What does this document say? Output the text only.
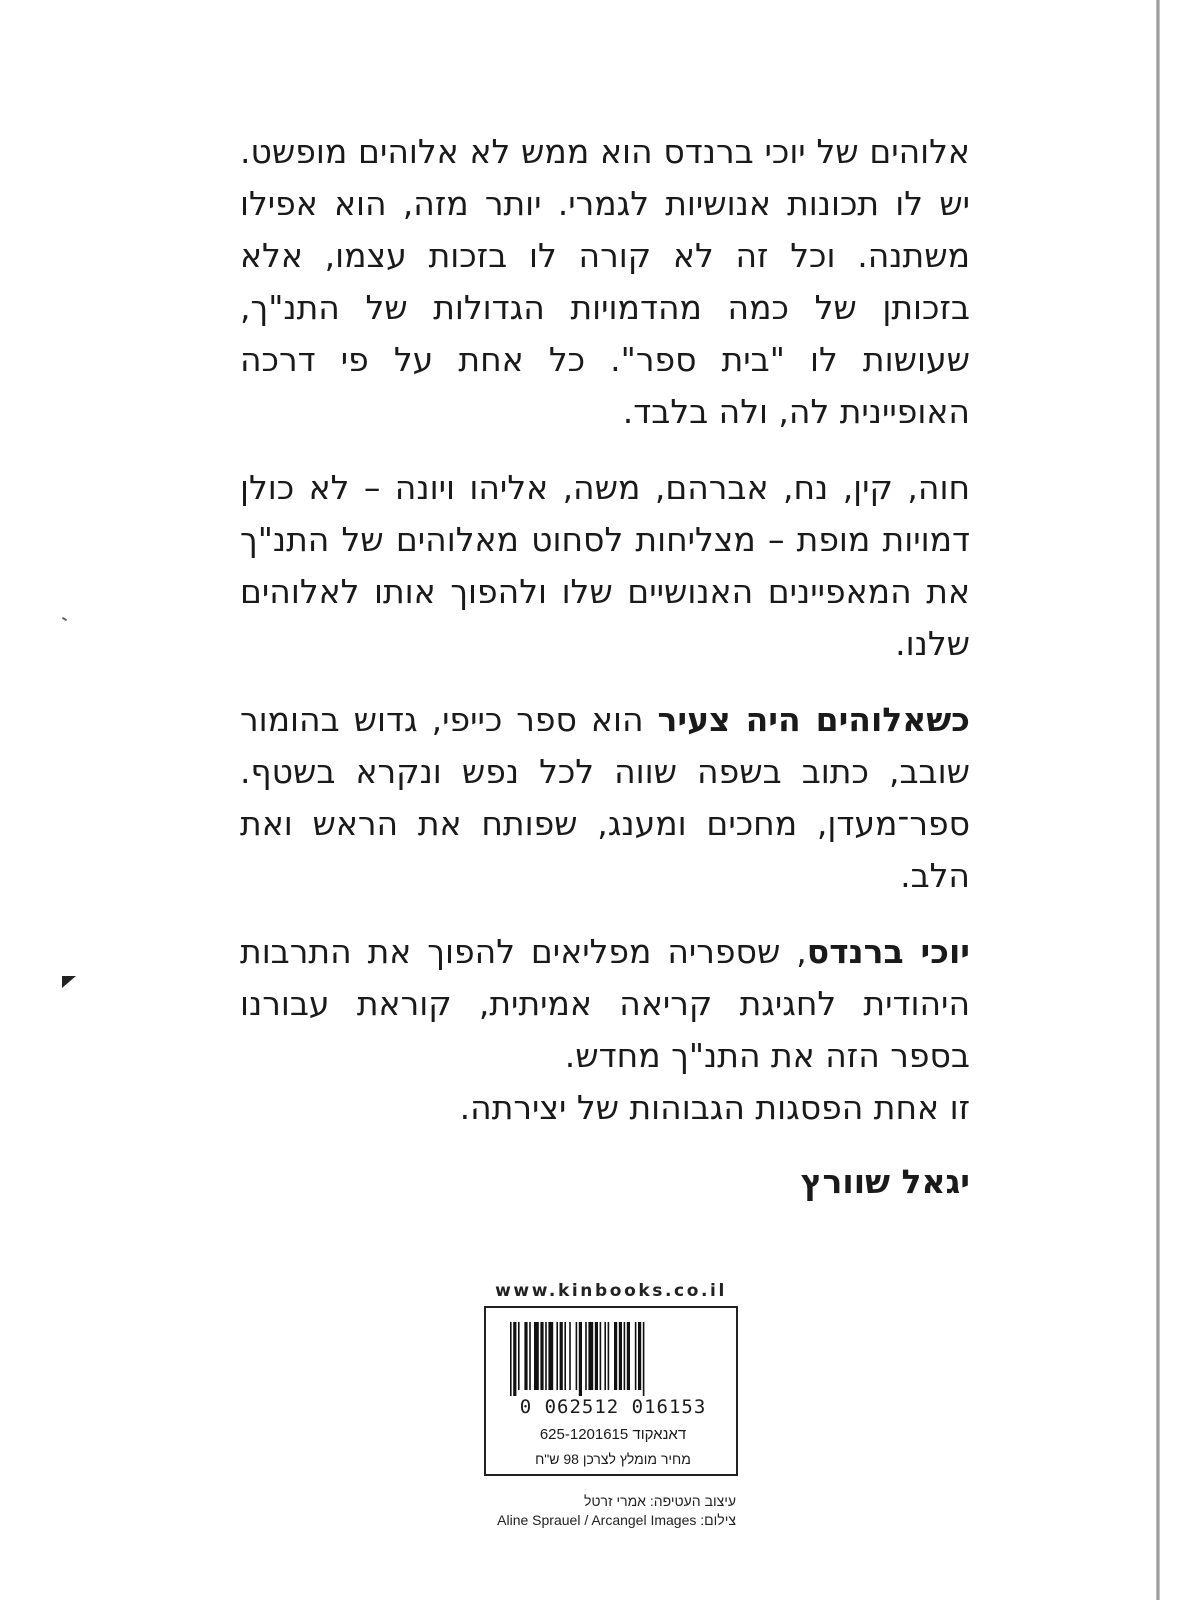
אלוהים של יוכי ברנדס הוא ממש לא אלוהים מופשט. יש לו תכונות אנושיות לגמרי. יותר מזה, הוא אפילו משתנה. וכל זה לא קורה לו בזכות עצמו, אלא בזכותן של כמה מהדמויות הגדולות של התנ"ך, שעושות לו "בית ספר". כל אחת על פי דרכה האופיינית לה, ולה בלבד.

חוה, קין, נח, אברהם, משה, אליהו ויונה – לא כולן דמויות מופת – מצליחות לסחוט מאלוהים של התנ"ך את המאפיינים האנושיים שלו ולהפוך אותו לאלוהים שלנו.

כשאלוהים היה צעיר הוא ספר כייפי, גדוש בהומור שובב, כתוב בשפה שווה לכל נפש ונקרא בשטף. ספר־מעדן, מחכים ומענג, שפותח את הראש ואת הלב.

יוכי ברנדס, שספריה מפליאים להפוך את התרבות היהודית לחגיגת קריאה אמיתית, קוראת עבורנו בספר הזה את התנ"ך מחדש.

זו אחת הפסגות הגבוהות של יצירתה.

יגאל שוורץ

www.kinbooks.co.il
0 062512 016153
דאנאקוד 625-1201615
מחיר מומלץ לצרכן 98 ש"ח
עיצוב העטיפה: אמרי זרטל
צילום: Aline Sprauel / Arcangel Images
